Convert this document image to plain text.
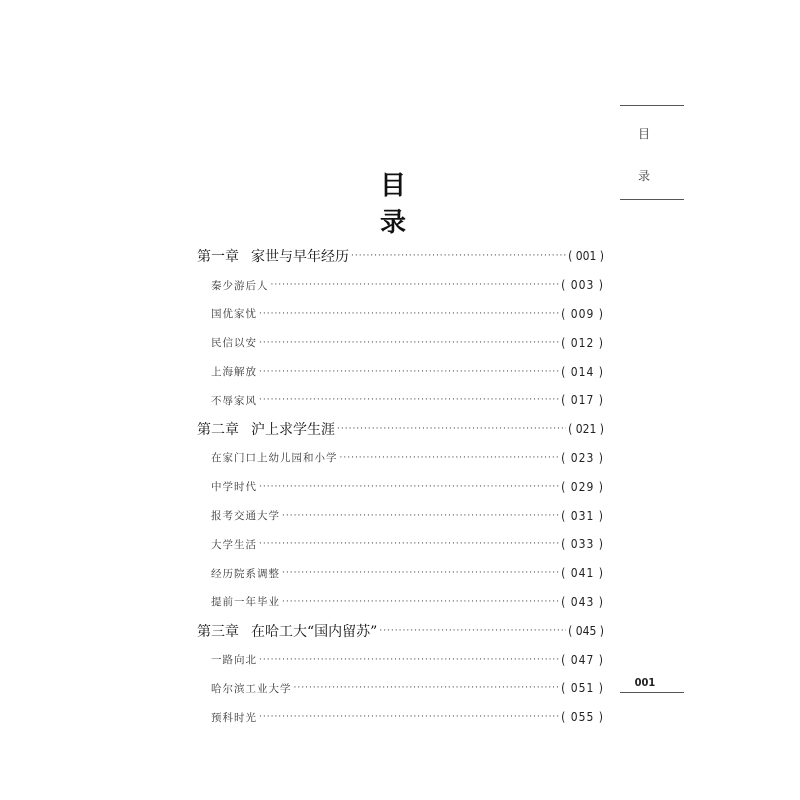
目
录
目 录
第一章 家世与早年经历 ·····	( 001 )
秦少游后人 ·····	( 003 )
国优家忧 ·····	( 009 )
民信以安 ·····	( 012 )
上海解放 ·····	( 014 )
不辱家风 ·····	( 017 )
第二章 沪上求学生涯 ·····	( 021 )
在家门口上幼儿园和小学 ·····	( 023 )
中学时代 ·····	( 029 )
报考交通大学 ·····	( 031 )
大学生活 ·····	( 033 )
经历院系调整 ·····	( 041 )
提前一年毕业 ·····	( 043 )
第三章 在哈工大“国内留苏” ·····	( 045 )
一路向北 ·····	( 047 )
哈尔滨工业大学 ·····	( 051 )
预科时光 ·····	( 055 )
001
